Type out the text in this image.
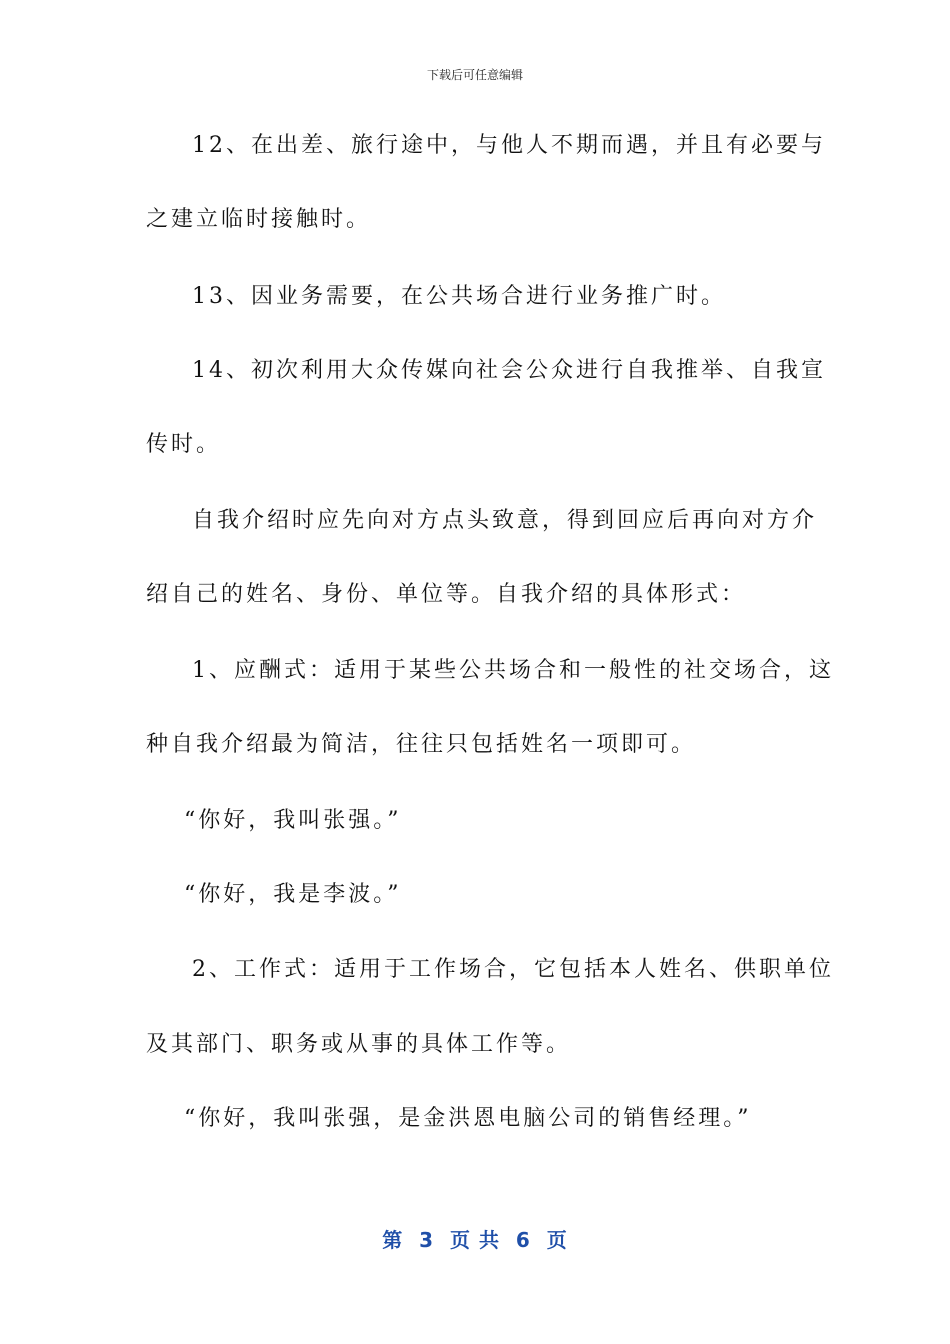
下载后可任意编辑
12、在出差、旅行途中，与他人不期而遇，并且有必要与
之建立临时接触时。
13、因业务需要，在公共场合进行业务推广时。
14、初次利用大众传媒向社会公众进行自我推举、自我宣
传时。
自我介绍时应先向对方点头致意，得到回应后再向对方介
绍自己的姓名、身份、单位等。自我介绍的具体形式：
1、应酬式：适用于某些公共场合和一般性的社交场合，这
种自我介绍最为简洁，往往只包括姓名一项即可。
“你好，我叫张强。”
“你好，我是李波。”
2、工作式：适用于工作场合，它包括本人姓名、供职单位
及其部门、职务或从事的具体工作等。
“你好，我叫张强，是金洪恩电脑公司的销售经理。”
第  3  页 共  6  页
